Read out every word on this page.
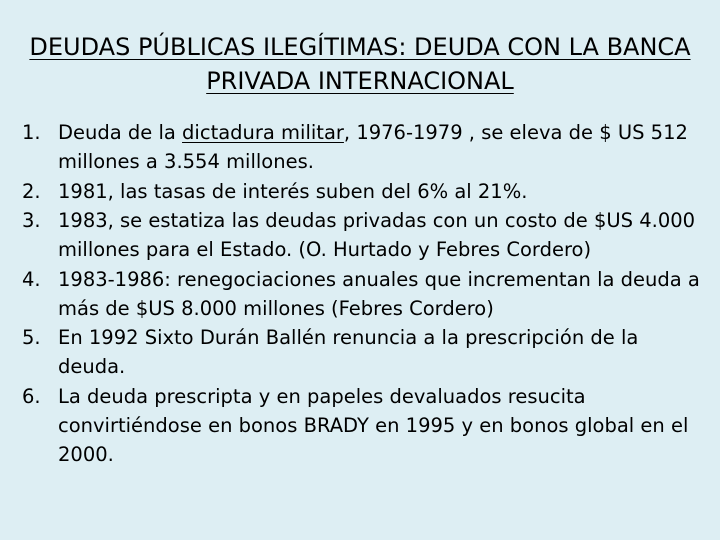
DEUDAS PÚBLICAS ILEGÍTIMAS: DEUDA CON LA BANCA PRIVADA INTERNACIONAL
1. Deuda de la dictadura militar, 1976-1979 , se eleva de $ US 512 millones a 3.554 millones.
2. 1981, las tasas de interés suben del 6% al 21%.
3. 1983, se estatiza las deudas privadas con un costo de $US 4.000 millones para el Estado. (O. Hurtado y Febres Cordero)
4. 1983-1986: renegociaciones anuales que incrementan la deuda a más de $US 8.000 millones (Febres Cordero)
5. En 1992 Sixto Durán Ballén renuncia a la prescripción de la deuda.
6. La deuda prescripta y en papeles devaluados resucita convirtiéndose en bonos BRADY en 1995 y en bonos global en el 2000.
